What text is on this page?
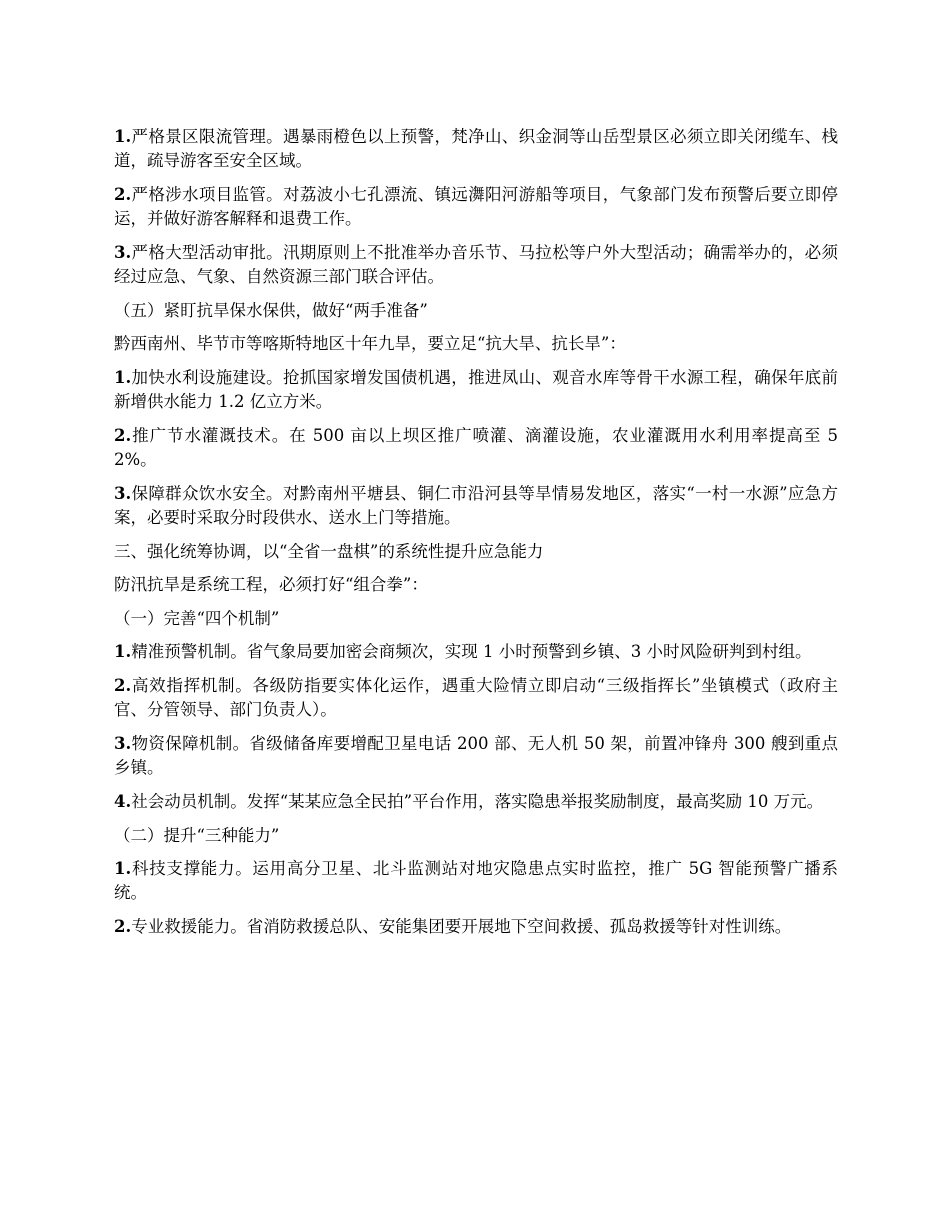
1.严格景区限流管理。遇暴雨橙色以上预警，梵净山、织金洞等山岳型景区必须立即关闭缆车、栈道，疏导游客至安全区域。

2.严格涉水项目监管。对荔波小七孔漂流、镇远㵲阳河游船等项目，气象部门发布预警后要立即停运，并做好游客解释和退费工作。

3.严格大型活动审批。汛期原则上不批准举办音乐节、马拉松等户外大型活动；确需举办的，必须经过应急、气象、自然资源三部门联合评估。

（五）紧盯抗旱保水保供，做好“两手准备”

黔西南州、毕节市等喀斯特地区十年九旱，要立足“抗大旱、抗长旱”：

1.加快水利设施建设。抢抓国家增发国债机遇，推进凤山、观音水库等骨干水源工程，确保年底前新增供水能力 1.2 亿立方米。

2.推广节水灌溉技术。在 500 亩以上坝区推广喷灌、滴灌设施，农业灌溉用水利用率提高至 52%。

3.保障群众饮水安全。对黔南州平塘县、铜仁市沿河县等旱情易发地区，落实“一村一水源”应急方案，必要时采取分时段供水、送水上门等措施。

三、强化统筹协调，以“全省一盘棋”的系统性提升应急能力

防汛抗旱是系统工程，必须打好“组合拳”：

（一）完善“四个机制”

1.精准预警机制。省气象局要加密会商频次，实现 1 小时预警到乡镇、3 小时风险研判到村组。

2.高效指挥机制。各级防指要实体化运作，遇重大险情立即启动“三级指挥长”坐镇模式（政府主官、分管领导、部门负责人）。

3.物资保障机制。省级储备库要增配卫星电话 200 部、无人机 50 架，前置冲锋舟 300 艘到重点乡镇。

4.社会动员机制。发挥“某某应急全民拍”平台作用，落实隐患举报奖励制度，最高奖励 10 万元。

（二）提升“三种能力”

1.科技支撑能力。运用高分卫星、北斗监测站对地灾隐患点实时监控，推广 5G 智能预警广播系统。

2.专业救援能力。省消防救援总队、安能集团要开展地下空间救援、孤岛救援等针对性训练。
